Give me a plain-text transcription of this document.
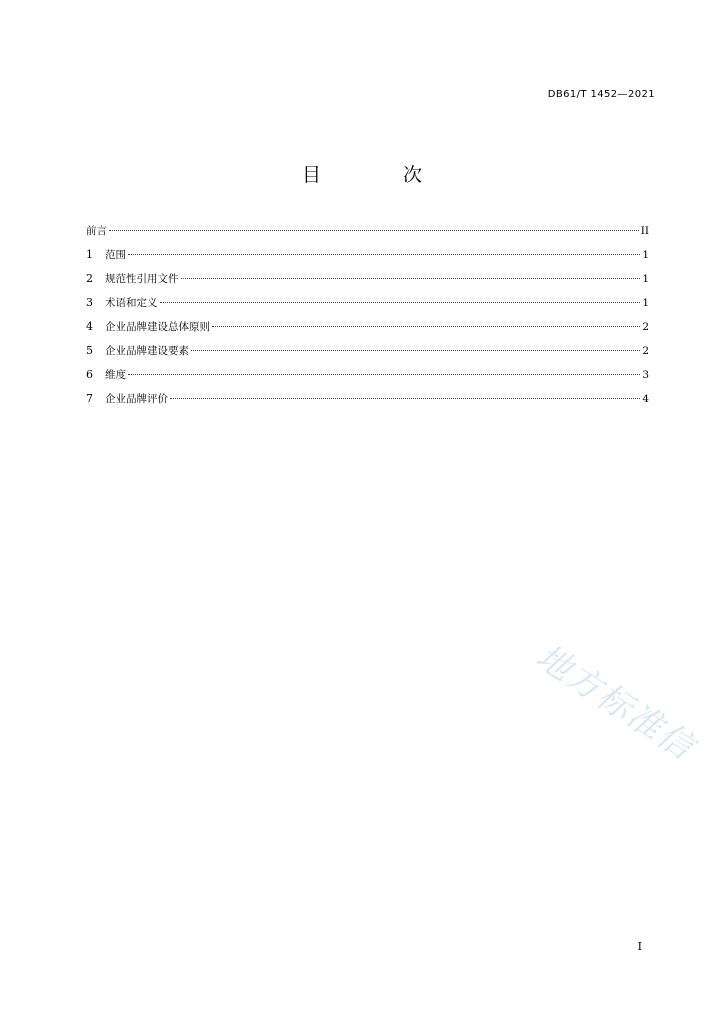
DB61/T 1452—2021
目 次
前言	II
1	范围	1
2	规范性引用文件	1
3	术语和定义	1
4	企业品牌建设总体原则	2
5	企业品牌建设要素	2
6	维度	3
7	企业品牌评价	4
地方标准信
I
